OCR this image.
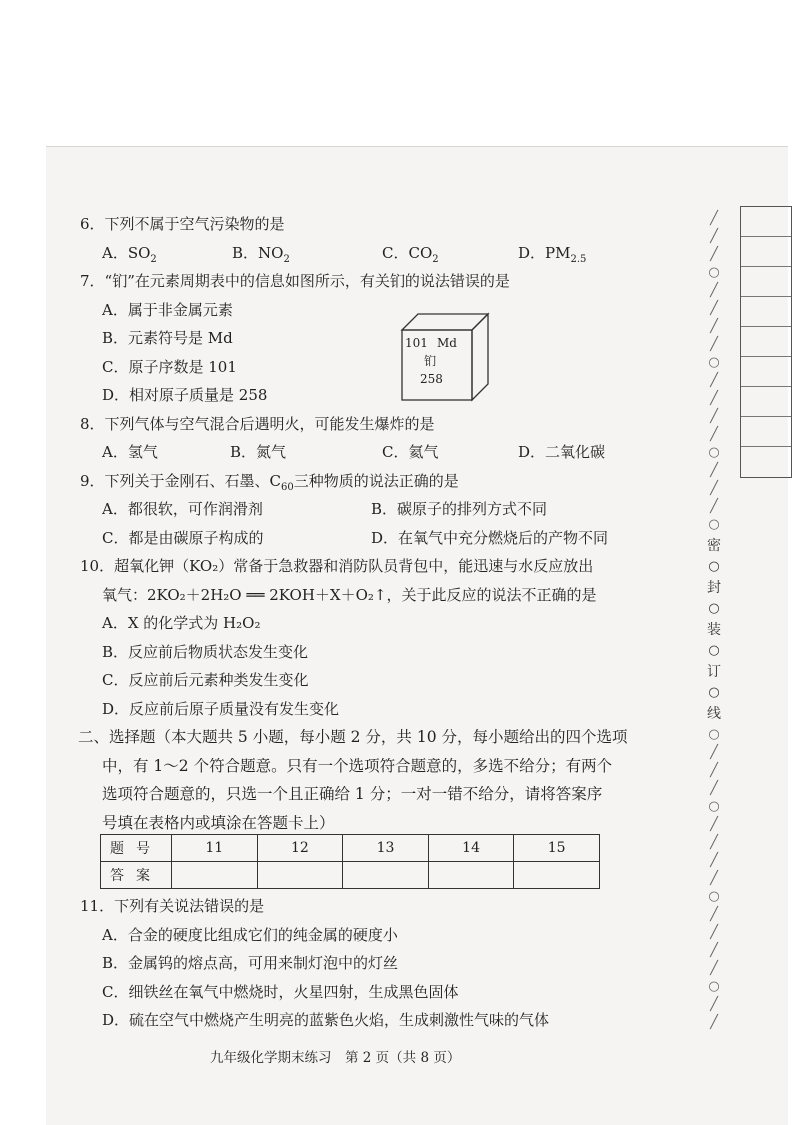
6．下列不属于空气污染物的是
A．$SO_2$	B．$NO_2$	C．$CO_2$	D．$PM_{2.5}$
7．“钔”在元素周期表中的信息如图所示，有关钔的说法错误的是
A．属于非金属元素
B．元素符号是 Md
C．原子序数是 101
D．相对原子质量是 258
8．下列气体与空气混合后遇明火，可能发生爆炸的是
A．氢气	B．氮气	C．氦气	D．二氧化碳
9．下列关于金刚石、石墨、$C_{60}$三种物质的说法正确的是
A．都很软，可作润滑剂	B．碳原子的排列方式不同
C．都是由碳原子构成的	D．在氧气中充分燃烧后的产物不同
10．超氧化钾（KO₂）常备于急救器和消防队员背包中，能迅速与水反应放出
氧气：2KO₂＋2H₂O ══ 2KOH＋X＋O₂↑，关于此反应的说法不正确的是
A．X 的化学式为 H₂O₂
B．反应前后物质状态发生变化
C．反应前后元素种类发生变化
D．反应前后原子质量没有发生变化
二、选择题（本大题共 5 小题，每小题 2 分，共 10 分，每小题给出的四个选项
中，有 1～2 个符合题意。只有一个选项符合题意的，多选不给分；有两个
选项符合题意的，只选一个且正确给 1 分；一对一错不给分，请将答案序
号填在表格内或填涂在答题卡上）
101 Md
钔
258
题号	11	12	13	14	15
答案					
11．下列有关说法错误的是
A．合金的硬度比组成它们的纯金属的硬度小
B．金属钨的熔点高，可用来制灯泡中的灯丝
C．细铁丝在氧气中燃烧时，火星四射，生成黑色固体
D．硫在空气中燃烧产生明亮的蓝紫色火焰，生成刺激性气味的气体
九年级化学期末练习　第 2 页（共 8 页）
╱
╱
╱
○
╱
╱
╱
╱
○
╱
╱
╱
╱
○
╱
╱
╱
○
密
○
封
○
装
○
订
○
线
○
╱
╱
╱
○
╱
╱
╱
╱
○
╱
╱
╱
╱
○
╱
╱
